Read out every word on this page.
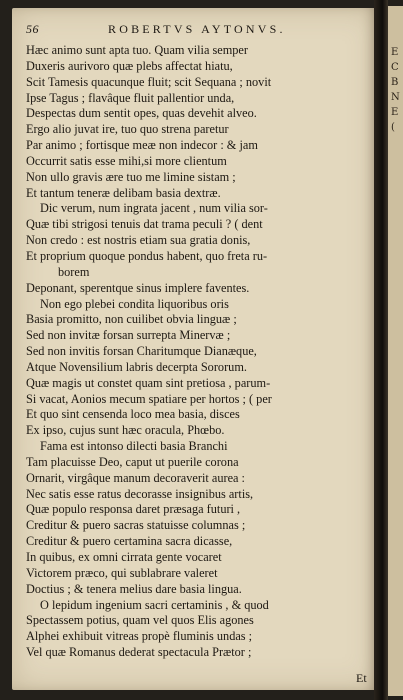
56	ROBERTVS AYTONVS.
Hæc animo sunt apta tuo. Quam vilia semper
Duxeris aurivoro quæ plebs affectat hiatu,
Scit Tamesis quacunque fluit; scit Sequana ; novit
Ipse Tagus ; flavâque fluit pallentior unda,
Despectas dum sentit opes, quas devehit alveo.
Ergo alio juvat ire, tuo quo strena paretur
Par animo ; fortisque meæ non indecor : & jam
Occurrit satis esse mihi,si more clientum
Non ullo gravis ære tuo me limine sistam ;
Et tantum teneræ delibam basia dextræ.
Dic verum, num ingrata jacent , num vilia sor-
Quæ tibi strigosi tenuis dat trama peculi ? ( dent
Non credo : est nostris etiam sua gratia donis,
Et proprium quoque pondus habent, quo freta ru-
borem
Deponant, sperentque sinus implere faventes.
Non ego plebei condita liquoribus oris
Basia promitto, non cuilibet obvia linguæ ;
Sed non invitæ forsan surrepta Minervæ ;
Sed non invitis forsan Charitumque Dianæque,
Atque Novensilium labris decerpta Sororum.
Quæ magis ut constet quam sint pretiosa , parum-
Si vacat, Aonios mecum spatiare per hortos ; ( per
Et quo sint censenda loco mea basia, disces
Ex ipso, cujus sunt hæc oracula, Phœbo.
Fama est intonso dilecti basia Branchi
Tam placuisse Deo, caput ut puerile corona
Ornarit, virgâque manum decoraverit aurea :
Nec satis esse ratus decorasse insignibus artis,
Quæ populo responsa daret præsaga futuri ,
Creditur & puero sacras statuisse columnas ;
Creditur & puero certamina sacra dicasse,
In quibus, ex omni cirrata gente vocaret
Victorem præco, qui sublabrare valeret
Doctius ; & tenera melius dare basia lingua.
O lepidum ingenium sacri certaminis , & quod
Spectassem potius, quam vel quos Elis agones
Alphei exhibuit vitreas propè fluminis undas ;
Vel quæ Romanus dederat spectacula Prætor ;
Et
E
C
B
N
E
(
